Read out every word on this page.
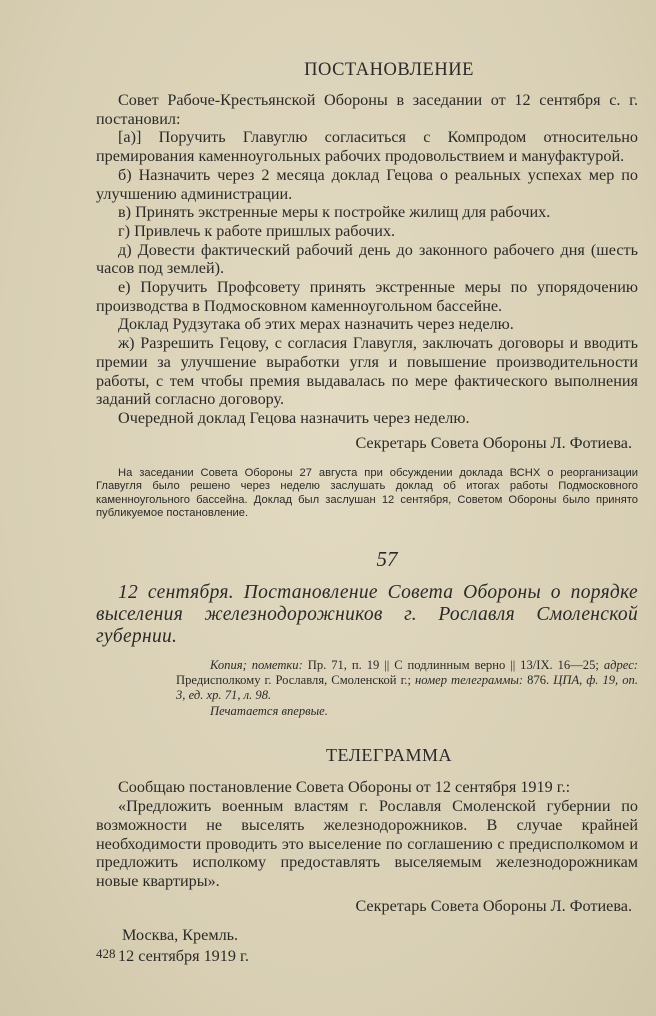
ПОСТАНОВЛЕНИЕ

Совет Рабоче-Крестьянской Обороны в заседании от 12 сентября с. г. постановил:

[а)] Поручить Главуглю согласиться с Компродом относительно премирования каменноугольных рабочих продовольствием и мануфактурой.

б) Назначить через 2 месяца доклад Гецова о реальных успехах мер по улучшению администрации.

в) Принять экстренные меры к постройке жилищ для рабочих.

г) Привлечь к работе пришлых рабочих.

д) Довести фактический рабочий день до законного рабочего дня (шесть часов под землей).

е) Поручить Профсовету принять экстренные меры по упорядочению производства в Подмосковном каменноугольном бассейне.

Доклад Рудзутака об этих мерах назначить через неделю.

ж) Разрешить Гецову, с согласия Главугля, заключать договоры и вводить премии за улучшение выработки угля и повышение производительности работы, с тем чтобы премия выдавалась по мере фактического выполнения заданий согласно договору.

Очередной доклад Гецова назначить через неделю.

Секретарь Совета Обороны Л. Фотиева.

На заседании Совета Обороны 27 августа при обсуждении доклада ВСНХ о реорганизации Главугля было решено через неделю заслушать доклад об итогах работы Подмосковного каменноугольного бассейна. Доклад был заслушан 12 сентября, Советом Обороны было принято публикуемое постановление.

57

12 сентября. Постановление Совета Обороны о порядке выселения железнодорожников г. Рославля Смоленской губернии.

Копия; пометки: Пр. 71, п. 19 || С подлинным верно || 13/IX. 16—25; адрес: Предисполкому г. Рославля, Смоленской г.; номер телеграммы: 876. ЦПА, ф. 19, оп. 3, ед. хр. 71, л. 98.

Печатается впервые.
ТЕЛЕГРАММА

Сообщаю постановление Совета Обороны от 12 сентября 1919 г.:

«Предложить военным властям г. Рославля Смоленской губернии по возможности не выселять железнодорожников. В случае крайней необходимости проводить это выселение по соглашению с предисполкомом и предложить исполкому предоставлять выселяемым железнодорожникам новые квартиры».

Секретарь Совета Обороны Л. Фотиева.
Москва, Кремль.
12 сентября 1919 г.
428
